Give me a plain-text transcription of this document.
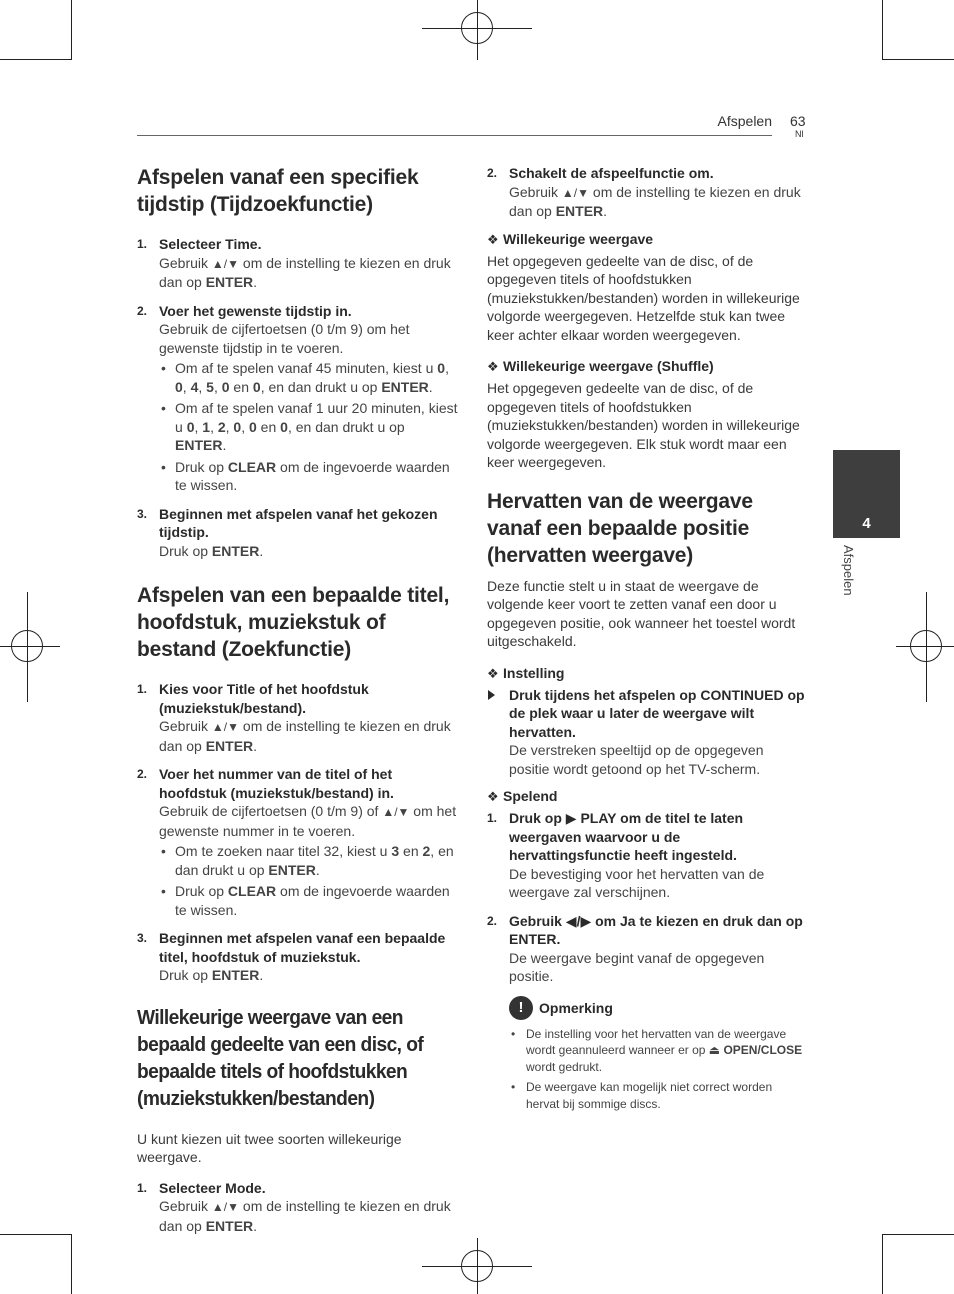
Afspelen 63
Nl
4
Afspelen
Afspelen vanaf een specifiek tijdstip (Tijdzoekfunctie)
1. Selecteer Time.
Gebruik ▲/▼ om de instelling te kiezen en druk dan op ENTER.
2. Voer het gewenste tijdstip in.
Gebruik de cijfertoetsen (0 t/m 9) om het gewenste tijdstip in te voeren.
• Om af te spelen vanaf 45 minuten, kiest u 0, 0, 4, 5, 0 en 0, en dan drukt u op ENTER.
• Om af te spelen vanaf 1 uur 20 minuten, kiest u 0, 1, 2, 0, 0 en 0, en dan drukt u op ENTER.
• Druk op CLEAR om de ingevoerde waarden te wissen.
3. Beginnen met afspelen vanaf het gekozen tijdstip.
Druk op ENTER.
Afspelen van een bepaalde titel, hoofdstuk, muziekstuk of bestand (Zoekfunctie)
1. Kies voor Title of het hoofdstuk (muziekstuk/bestand).
Gebruik ▲/▼ om de instelling te kiezen en druk dan op ENTER.
2. Voer het nummer van de titel of het hoofdstuk (muziekstuk/bestand) in.
Gebruik de cijfertoetsen (0 t/m 9) of ▲/▼ om het gewenste nummer in te voeren.
• Om te zoeken naar titel 32, kiest u 3 en 2, en dan drukt u op ENTER.
• Druk op CLEAR om de ingevoerde waarden te wissen.
3. Beginnen met afspelen vanaf een bepaalde titel, hoofdstuk of muziekstuk.
Druk op ENTER.
Willekeurige weergave van een bepaald gedeelte van een disc, of bepaalde titels of hoofdstukken (muziekstukken/bestanden)

U kunt kiezen uit twee soorten willekeurige weergave.

1. Selecteer Mode.
Gebruik ▲/▼ om de instelling te kiezen en druk dan op ENTER.
2. Schakelt de afspeelfunctie om.
Gebruik ▲/▼ om de instelling te kiezen en druk dan op ENTER.
❖ Willekeurige weergave

Het opgegeven gedeelte van de disc, of de opgegeven titels of hoofdstukken (muziekstukken/bestanden) worden in willekeurige volgorde weergegeven. Hetzelfde stuk kan twee keer achter elkaar worden weergegeven.

❖ Willekeurige weergave (Shuffle)

Het opgegeven gedeelte van de disc, of de opgegeven titels of hoofdstukken (muziekstukken/bestanden) worden in willekeurige volgorde weergegeven. Elk stuk wordt maar een keer weergegeven.

Hervatten van de weergave vanaf een bepaalde positie (hervatten weergave)

Deze functie stelt u in staat de weergave de volgende keer voort te zetten vanaf een door u opgegeven positie, ook wanneer het toestel wordt uitgeschakeld.

❖ Instelling
Druk tijdens het afspelen op CONTINUED op de plek waar u later de weergave wilt hervatten.
De verstreken speeltijd op de opgegeven positie wordt getoond op het TV-scherm.
❖ Spelend
1. Druk op ▶ PLAY om de titel te laten weergaven waarvoor u de hervattingsfunctie heeft ingesteld.
De bevestiging voor het hervatten van de weergave zal verschijnen.
2. Gebruik ◀/▶ om Ja te kiezen en druk dan op ENTER.
De weergave begint vanaf de opgegeven positie.
!	Opmerking
• De instelling voor het hervatten van de weergave wordt geannuleerd wanneer er op ⏏ OPEN/CLOSE wordt gedrukt.
• De weergave kan mogelijk niet correct worden hervat bij sommige discs.
